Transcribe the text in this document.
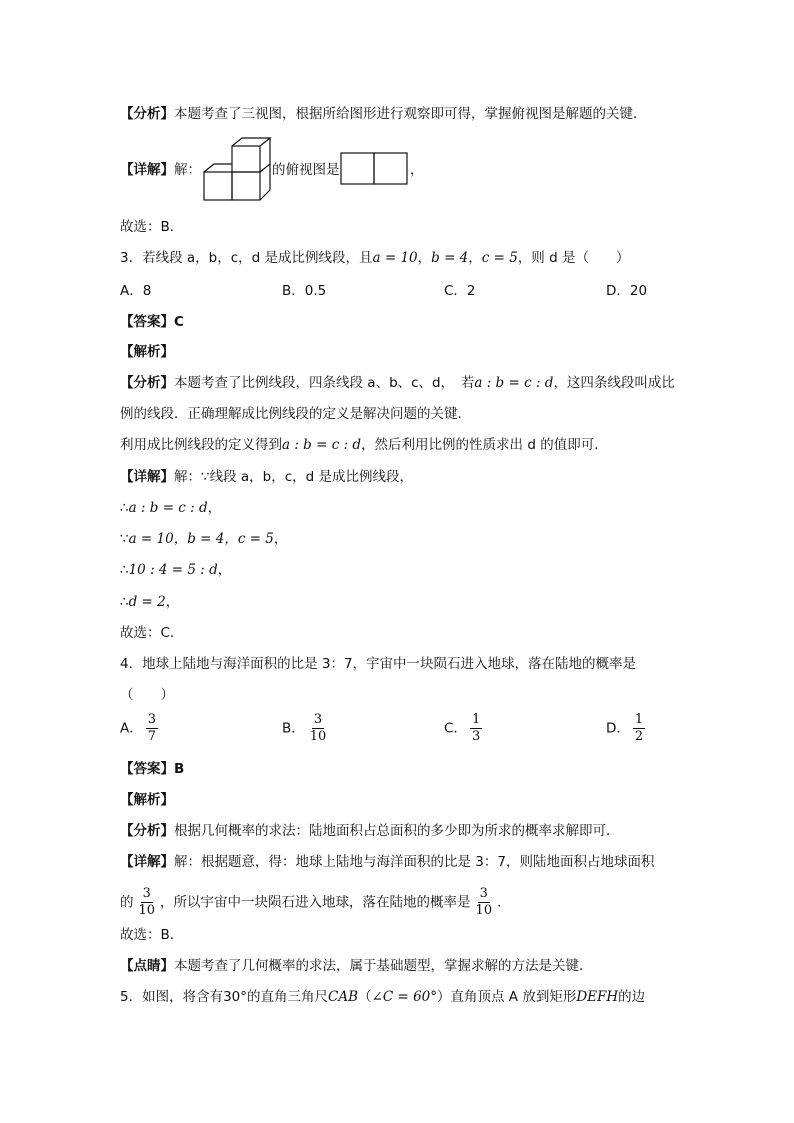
【分析】本题考查了三视图，根据所给图形进行观察即可得，掌握俯视图是解题的关键．
【详解】解：	的俯视图是	，
故选：B．
3．若线段 a，b，c，d 是成比例线段，且a = 10，b = 4，c = 5，则 d 是（　　）
A．8	B．0.5	C．2	D．20
【答案】C
【解析】
【分析】本题考查了比例线段，四条线段 a、b、c、d，　若a : b = c : d，这四条线段叫成比
例的线段．正确理解成比例线段的定义是解决问题的关键．
利用成比例线段的定义得到a : b = c : d，然后利用比例的性质求出 d 的值即可．
【详解】解：∵线段 a，b，c，d 是成比例线段，
∴a : b = c : d，
∵a = 10，b = 4，c = 5，
∴10 : 4 = 5 : d，
∴d = 2，
故选：C．
4．地球上陆地与海洋面积的比是 3：7，宇宙中一块陨石进入地球，落在陆地的概率是
（　　）
A． $\frac{3}{7}$	B． $\frac{3}{10}$	C． $\frac{1}{3}$	D． $\frac{1}{2}$
【答案】B
【解析】
【分析】根据几何概率的求法：陆地面积占总面积的多少即为所求的概率求解即可．
【详解】解：根据题意，得：地球上陆地与海洋面积的比是 3：7，则陆地面积占地球面积
的 $\frac{3}{10}$ ，所以宇宙中一块陨石进入地球，落在陆地的概率是 $\frac{3}{10}$ ．
故选：B．
【点睛】本题考查了几何概率的求法，属于基础题型，掌握求解的方法是关键．
5．如图，将含有30°的直角三角尺CAB（∠C = 60°）直角顶点 A 放到矩形DEFH的边
